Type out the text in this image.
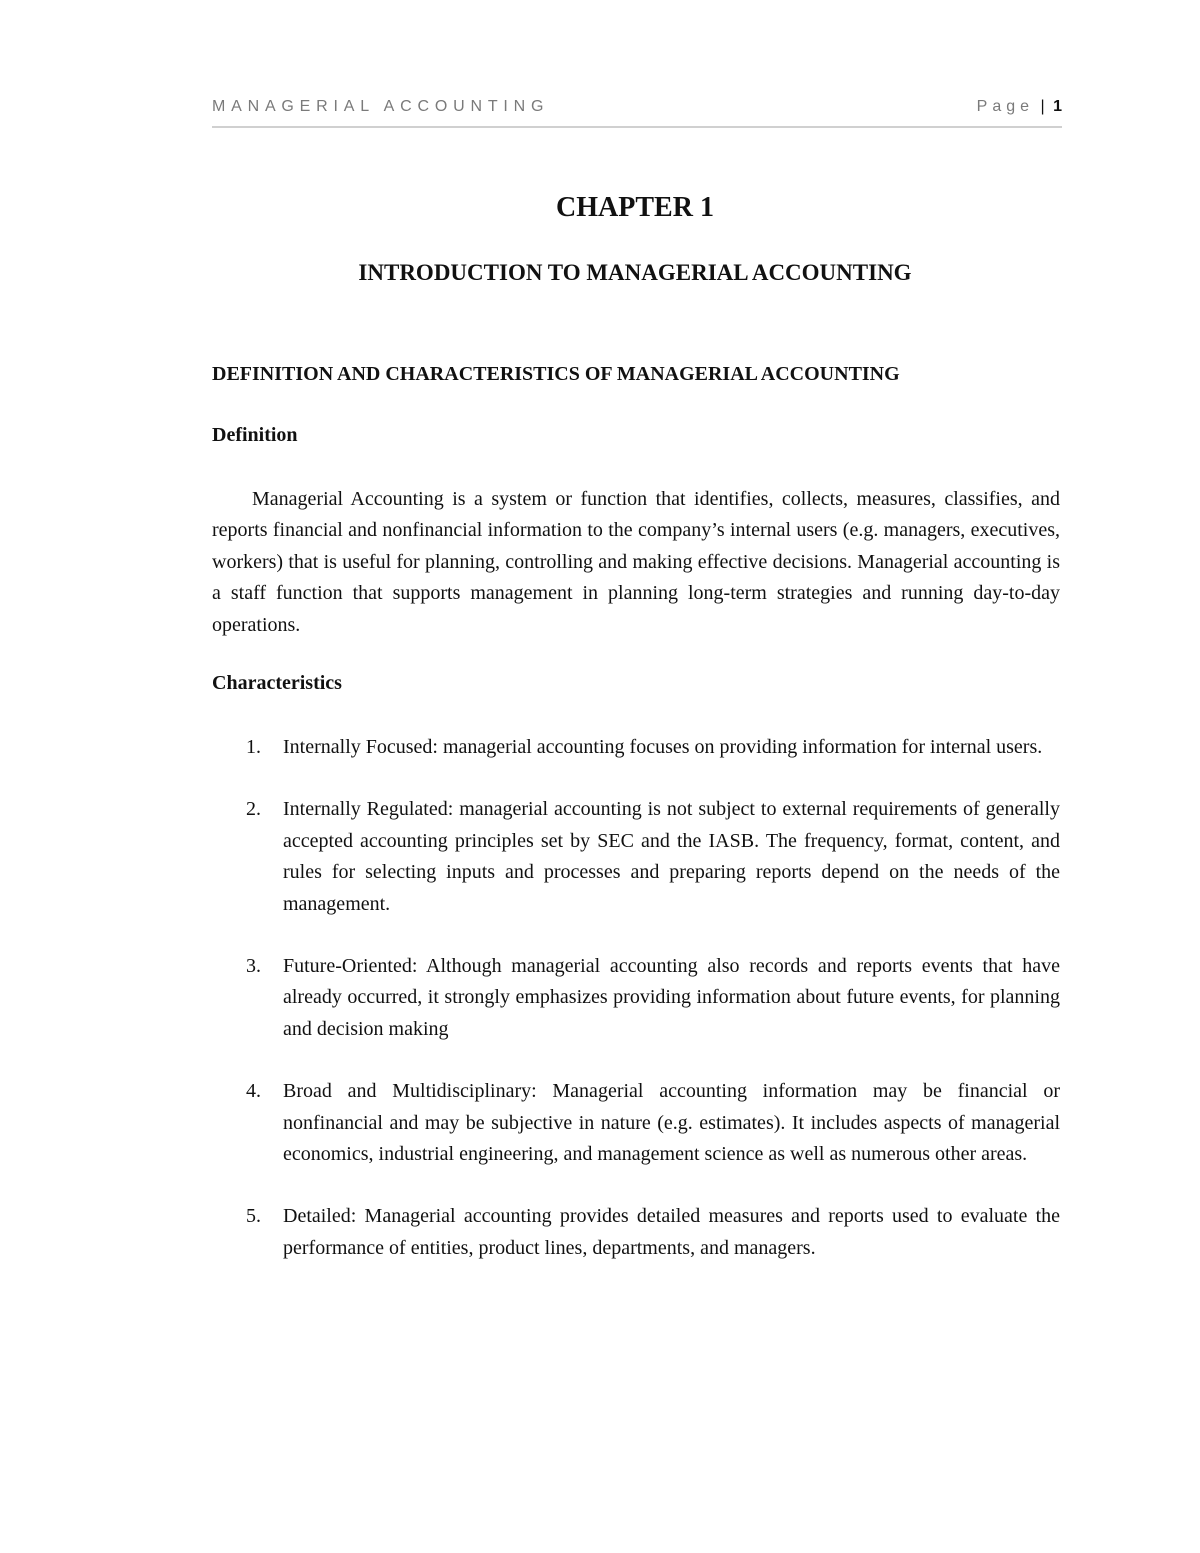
MANAGERIAL ACCOUNTING	Page | 1
CHAPTER 1
INTRODUCTION TO MANAGERIAL ACCOUNTING
DEFINITION AND CHARACTERISTICS OF MANAGERIAL ACCOUNTING
Definition

Managerial Accounting is a system or function that identifies, collects, measures, classifies, and reports financial and nonfinancial information to the company’s internal users (e.g. managers, executives, workers) that is useful for planning, controlling and making effective decisions. Managerial accounting is a staff function that supports management in planning long-term strategies and running day-to-day operations.

Characteristics
1. Internally Focused: managerial accounting focuses on providing information for internal users.
2. Internally Regulated: managerial accounting is not subject to external requirements of generally accepted accounting principles set by SEC and the IASB. The frequency, format, content, and rules for selecting inputs and processes and preparing reports depend on the needs of the management.
3. Future-Oriented: Although managerial accounting also records and reports events that have already occurred, it strongly emphasizes providing information about future events, for planning and decision making
4. Broad and Multidisciplinary: Managerial accounting information may be financial or nonfinancial and may be subjective in nature (e.g. estimates). It includes aspects of managerial economics, industrial engineering, and management science as well as numerous other areas.
5. Detailed: Managerial accounting provides detailed measures and reports used to evaluate the performance of entities, product lines, departments, and managers.
